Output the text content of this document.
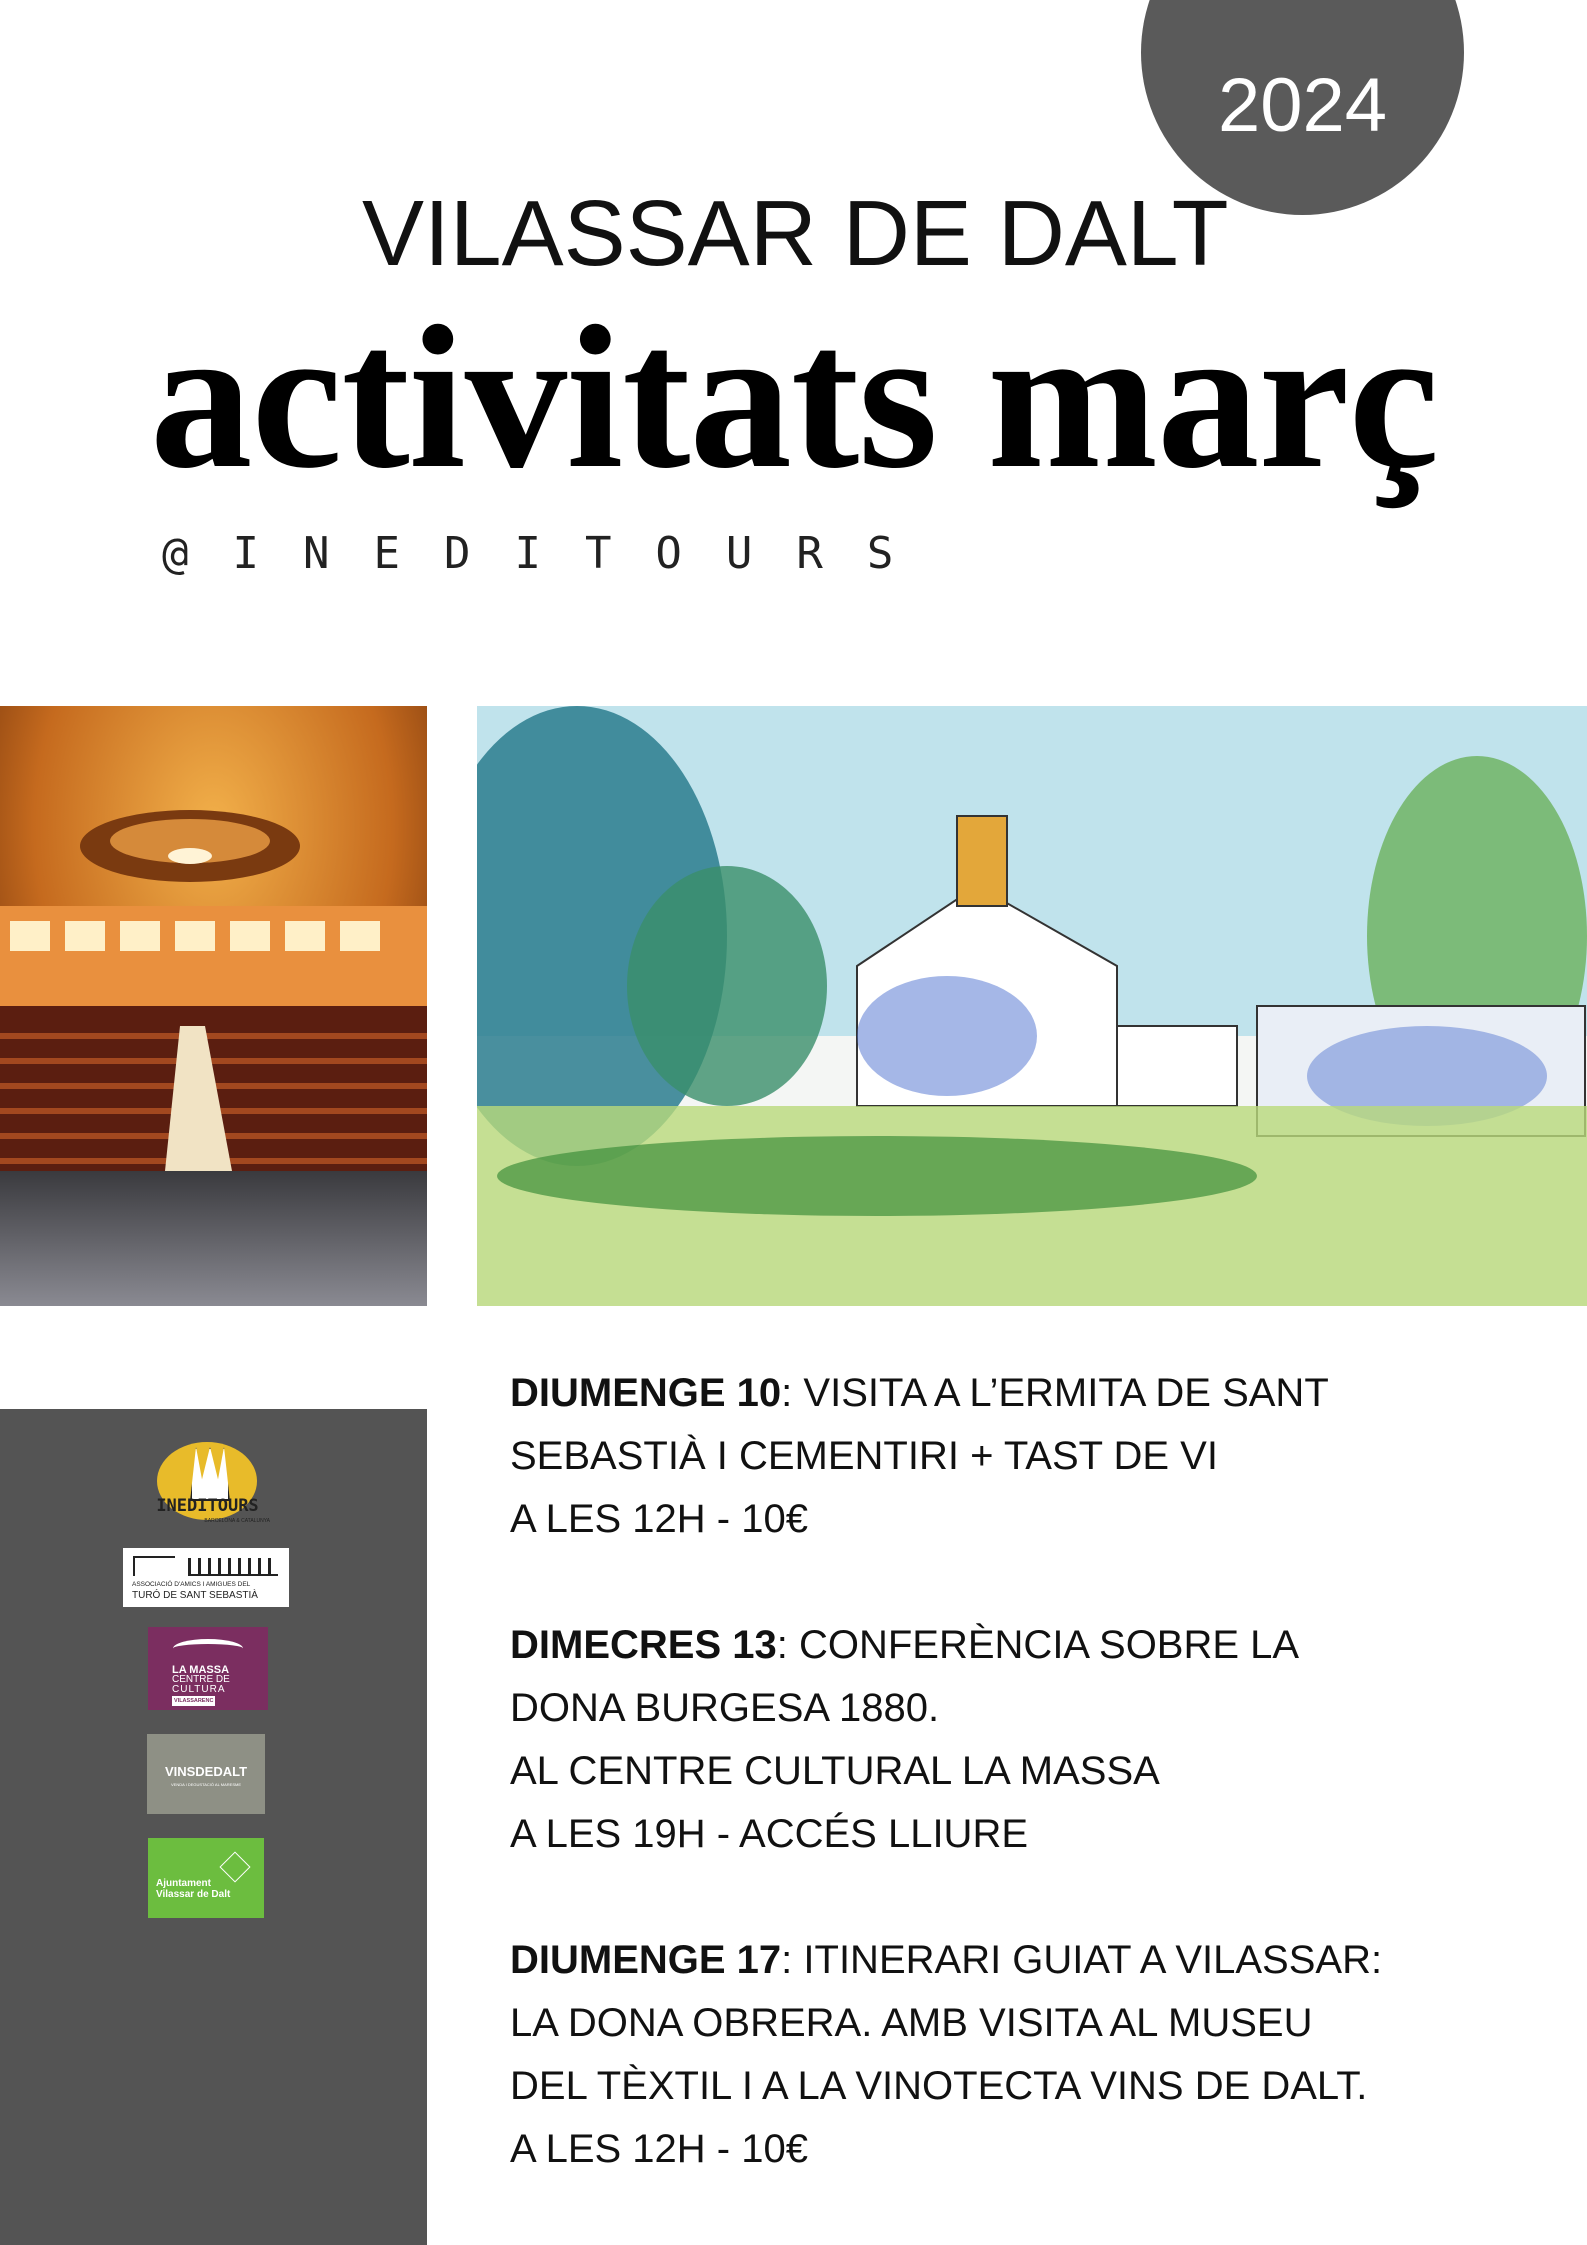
2024
VILASSAR DE DALT
activitats març
@INEDITOURS
INEDITOURS
BARCELONA & CATALUNYA
ASSOCIACIÓ D'AMICS I AMIGUES DEL
TURÓ DE SANT SEBASTIÀ
LA MASSA
CENTRE DE
CULTURA
VILASSARENC
VINSDEDALT
VENDA I DEGUSTACIÓ AL MARESME
Ajuntament
Vilassar de Dalt

DIUMENGE 10: VISITA A L’ERMITA DE SANT
SEBASTIÀ I CEMENTIRI + TAST DE VI
A LES 12H - 10€

DIMECRES 13: CONFERÈNCIA SOBRE LA
DONA BURGESA 1880.
AL CENTRE CULTURAL LA MASSA
A LES 19H - ACCÉS LLIURE

DIUMENGE 17: ITINERARI GUIAT A VILASSAR:
LA DONA OBRERA. AMB VISITA AL MUSEU
DEL TÈXTIL I A LA VINOTECTA VINS DE DALT.
A LES 12H - 10€
